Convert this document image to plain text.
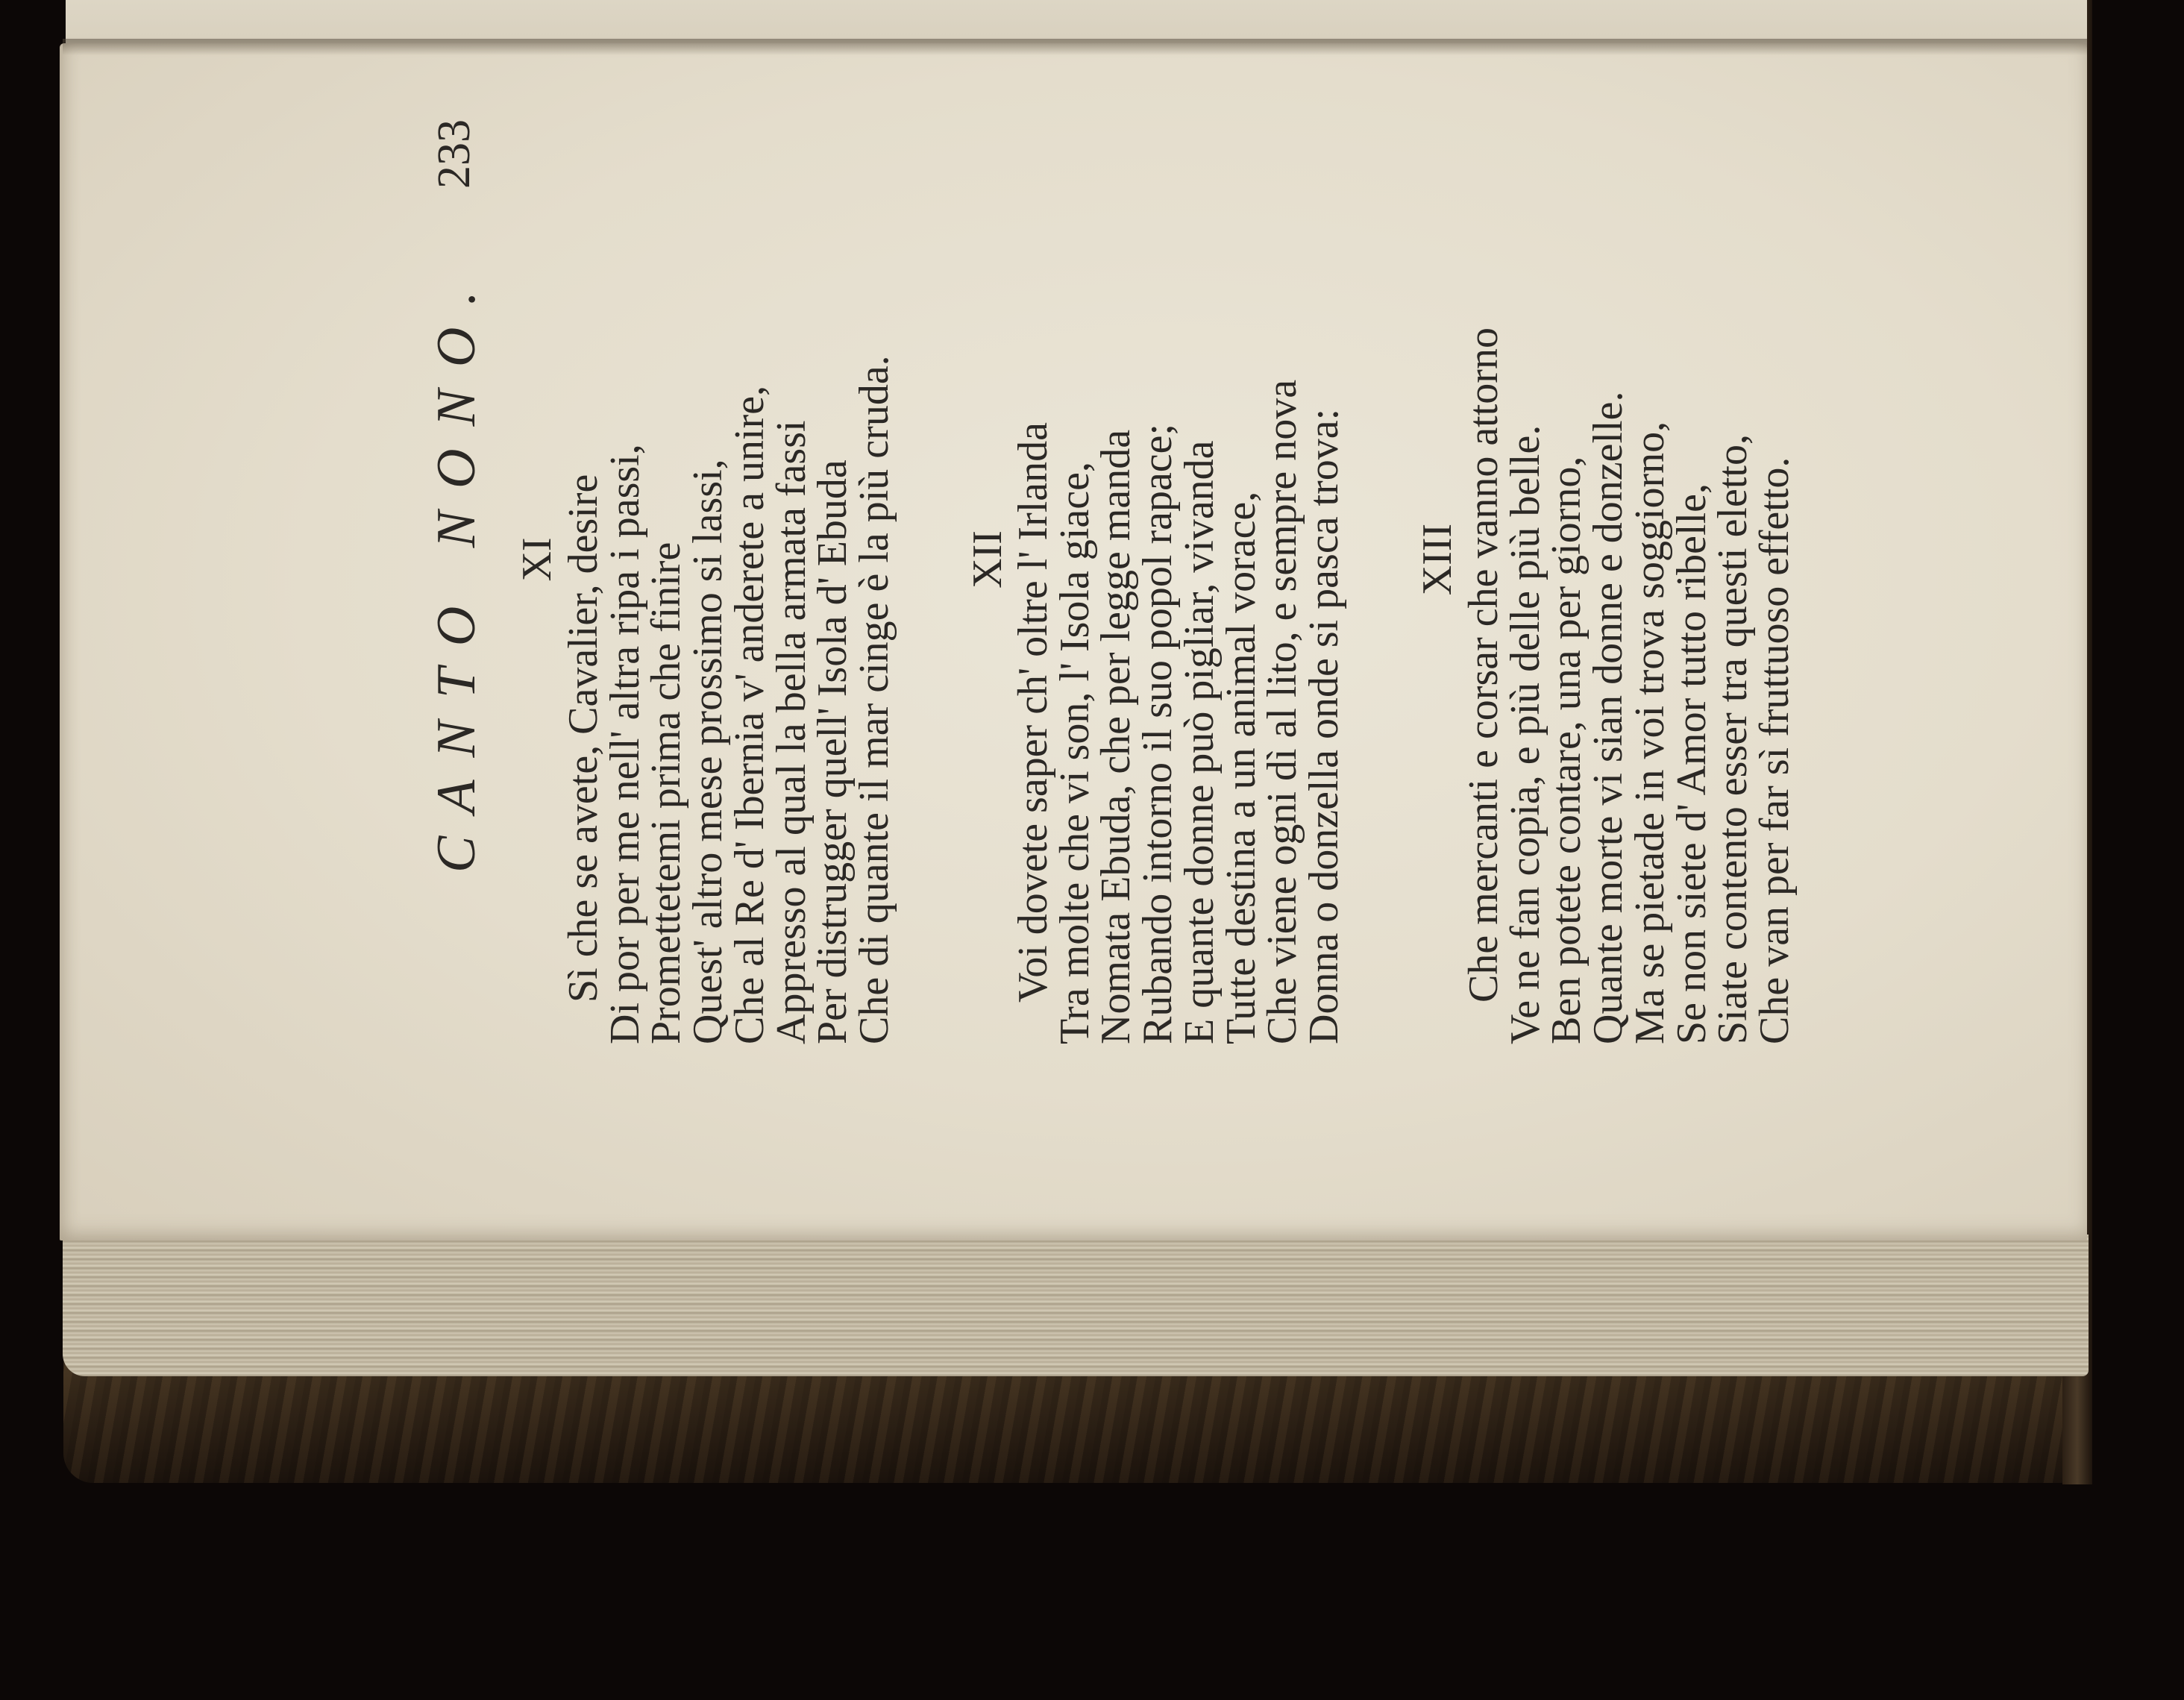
CANTO NONO.
233
XI Sì che se avete, Cavalier, desire
Di por per me nell' altra ripa i passi,
Promettetemi prima che finire
Quest' altro mese prossimo si lassi,
Che al Re d' Ibernia v' anderete a unire,
Appresso al qual la bella armata fassi
Per distrugger quell' Isola d' Ebuda
Che di quante il mar cinge è la più cruda. XII Voi dovete saper ch' oltre l' Irlanda
Tra molte che vi son, l' Isola giace,
Nomata Ebuda, che per legge manda
Rubando intorno il suo popol rapace;
E quante donne può pigliar, vivanda
Tutte destina a un animal vorace,
Che viene ogni dì al lito, e sempre nova
Donna o donzella onde si pasca trova: XIII Che mercanti e corsar che vanno attorno
Ve ne fan copia, e più delle più belle.
Ben potete contare, una per giorno,
Quante morte vi sian donne e donzelle.
Ma se pietade in voi trova soggiorno,
Se non siete d' Amor tutto ribelle,
Siate contento esser tra questi eletto,
Che van per far sì fruttuoso effetto.
